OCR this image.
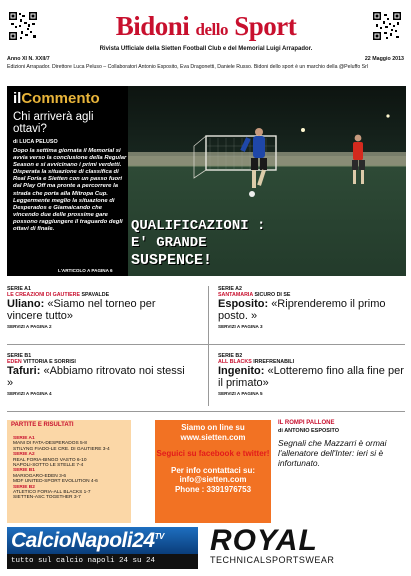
Bidoni dello Sport
Rivista Ufficiale della Sietten Football Club e del Memorial Luigi Arrapador.
Anno XI N. XXII/7	22 Maggio 2013
Edizioni Arrapador. Direttore Luca Peluso – Collaboratori Antonio Esposito, Eva Dragonetti, Daniele Russo. Bidoni dello sport è un marchio della @Peluffo Srl
ilCommento
Chi arriverà agli ottavi?
di LUCA PELUSO
Dopo la settima giornata il Memorial si avvia verso la conclusione della Regular Season e si avvicinano i primi verdetti. Disperata la situazione di classifica di Real Foria e Sietten con un passo fuori dal Play Off ma pronte a percorrere la strada che porta alla Mitropa Cup. Leggermente meglio la situazione di Desperados e Giamaicando che vincendo due delle prossime gare possono raggiungere il traguardo degli ottavi di finale.
L'ARTICOLO A PAGINA 6
QUALIFICAZIONI :
E' GRANDE
SUSPENCE!
SERIE A1
LE CREAZIONI DI GAUTIERE SPAVALDE
Uliano: «Siamo nel torneo per vincere tutto»
SERVIZI A PAGINA 2
SERIE A2
SANTAMARIA SICURO DI SE
Esposito: «Riprenderemo il primo posto. »
SERVIZI A PAGINA 3
SERIE B1
EDEN VITTORIA E SORRISI
Tafuri: «Abbiamo ritrovato noi stessi »
SERVIZI A PAGINA 4
SERIE B2
ALL BLACKS IRREFRENABILI
Ingenito: «Lotteremo fino alla fine per il primato»
SERVIZI A PAGINA 5
PARTITE E RISULTATI
SERIE A1
MANI DI FATA-DESPERADOS 5-8
STILYNG FIADO-LE CRE. DI GAUTIERE 3-4
SERIE A2
REAL FORIA-BINGO VASTO 6-10
NAPOLI-SOTTO LE STELLE 7-4
SERIE B1
MARIOGARO-EDEN 3-6
MDF UNITED-SPORT EVOLUTION 4-6
SERIE B2
ATLETICO FORIA-ALL BLACKS 1-7
SIETTEN-ASC TOGETHER 3-7
Siamo on line su
www.sietten.com
Seguici su facebook e twitter!
Per info contattaci su:
info@sietten.com
Phone : 3391976753
IL ROMPI PALLONE
di ANTONIO ESPOSITO
Segnali che Mazzarri è ormai l'allenatore dell'Inter: ieri si è infortunato.
$CalcioNapoli24^{TV}$
tutto sul calcio napoli 24 su 24
ROYAL
TECHNICALSPORTSWEAR
